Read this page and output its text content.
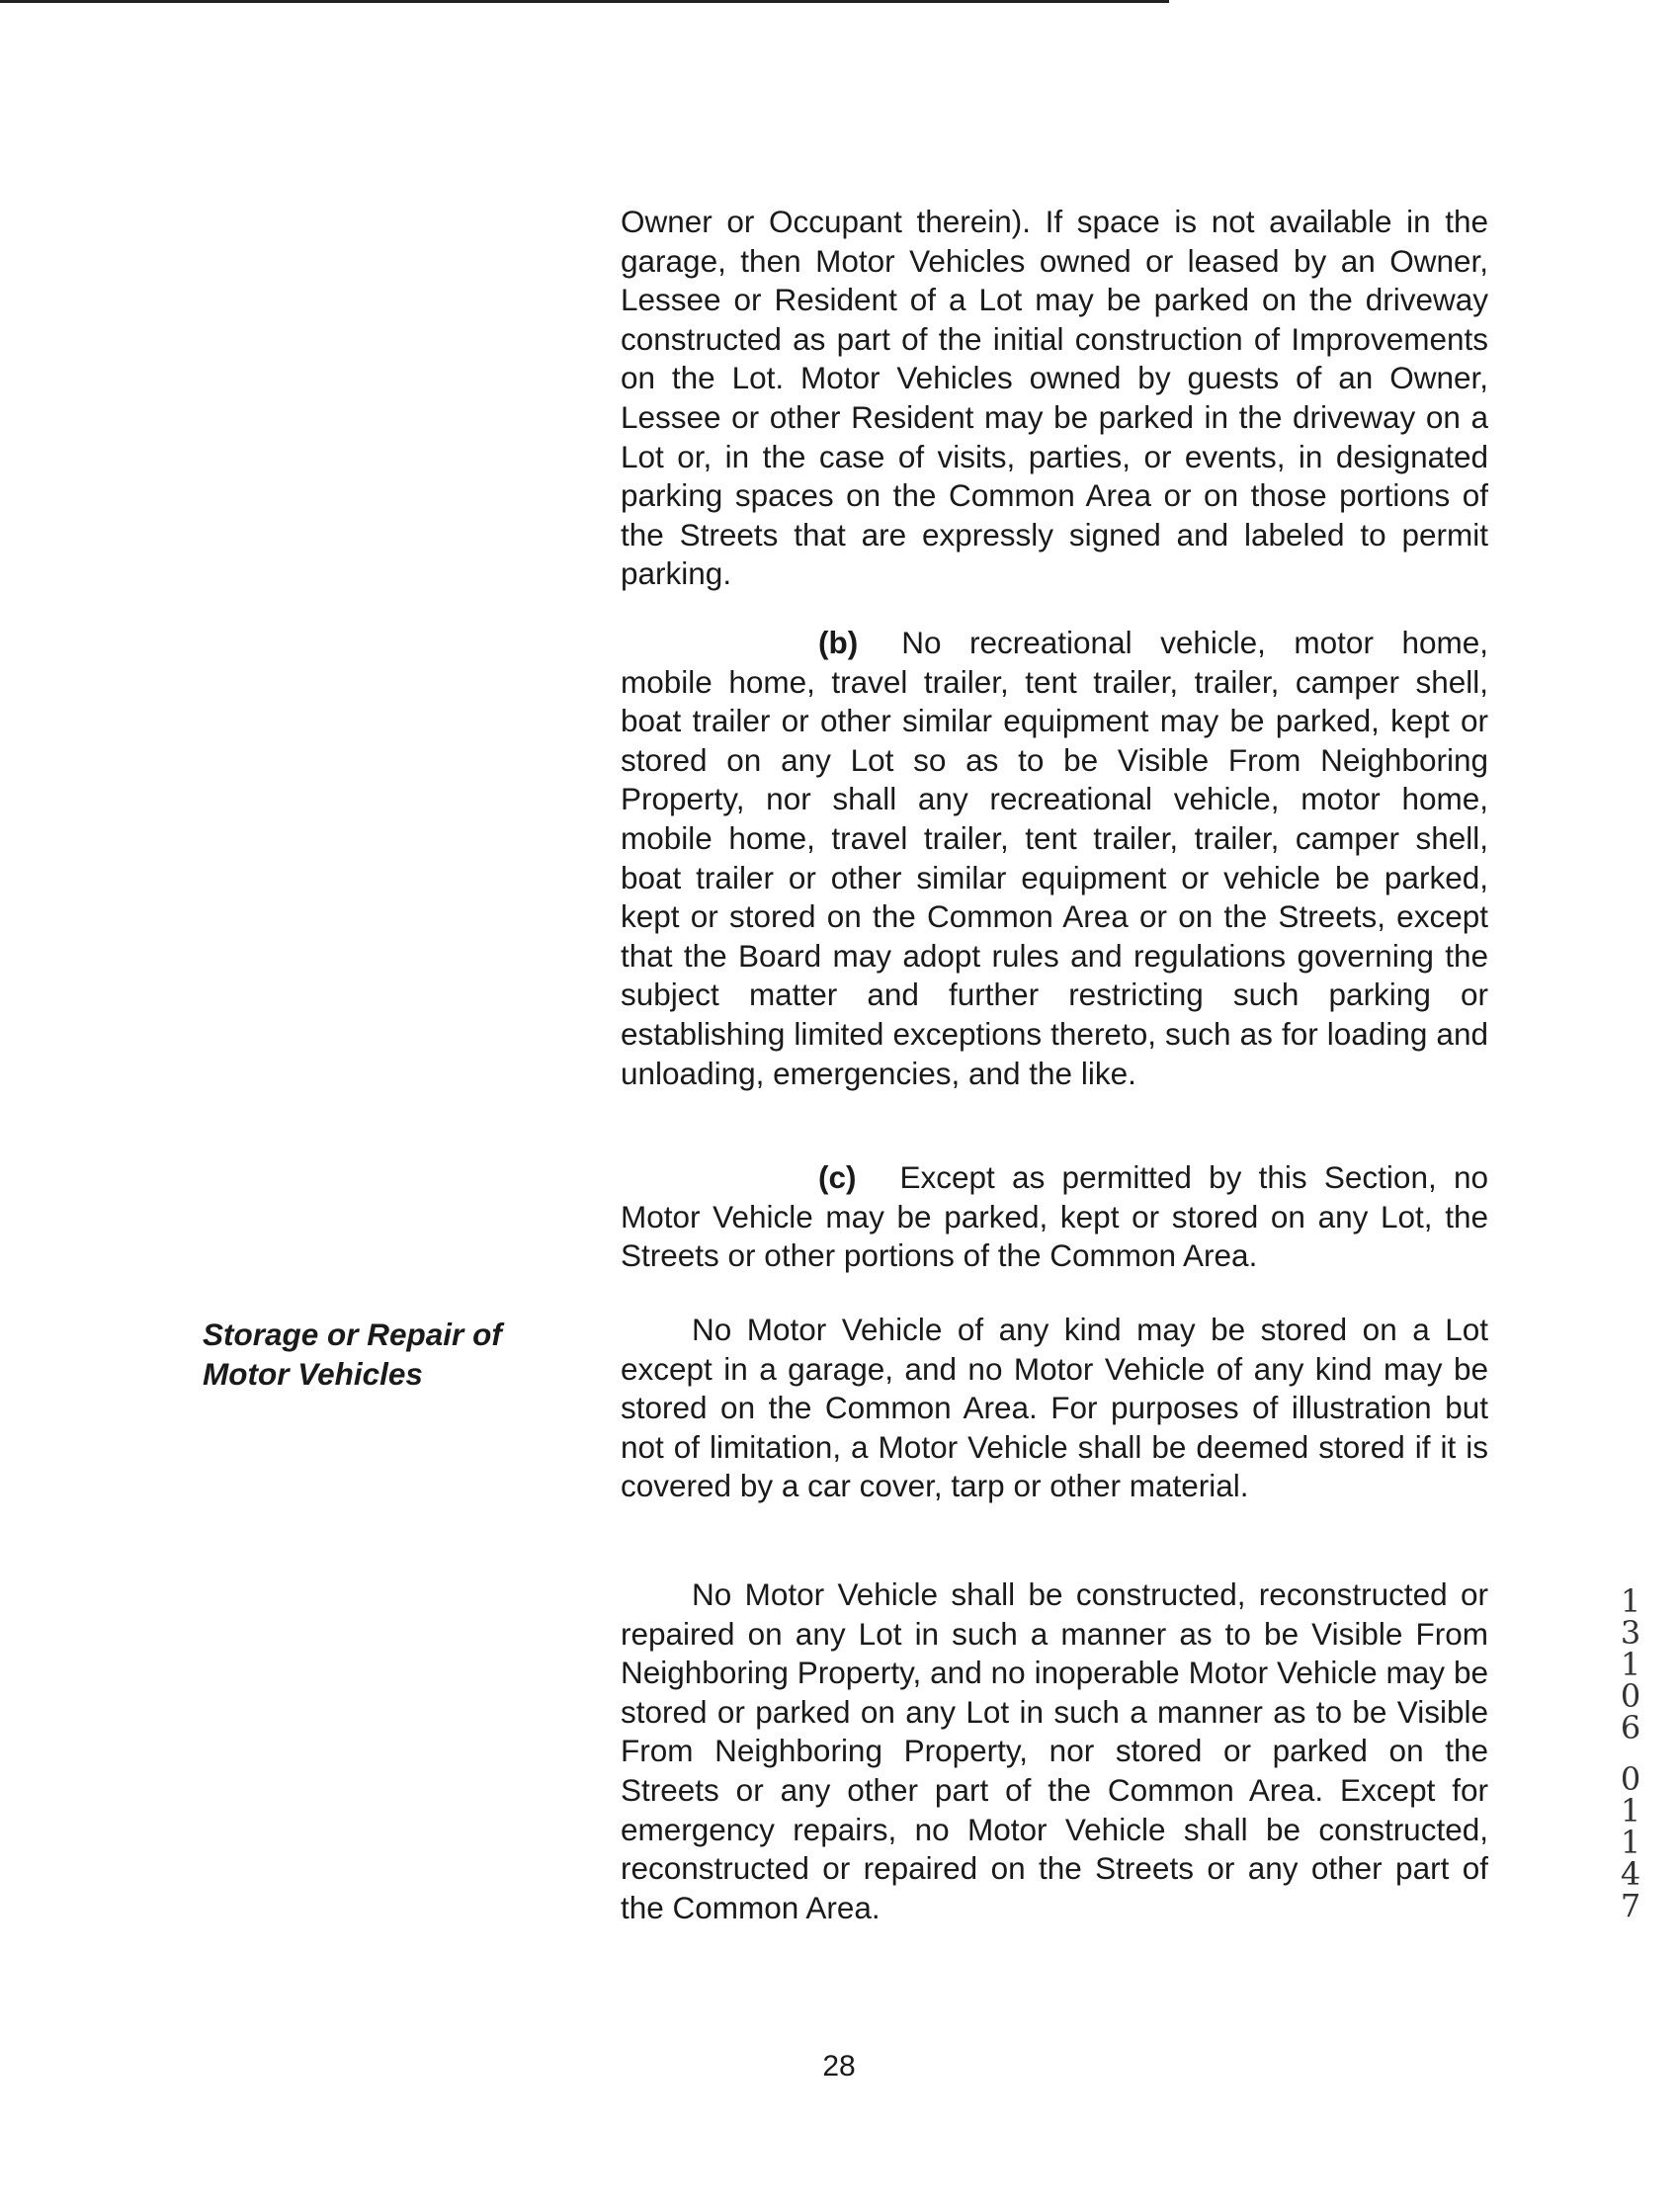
Owner or Occupant therein). If space is not available in the garage, then Motor Vehicles owned or leased by an Owner, Lessee or Resident of a Lot may be parked on the driveway constructed as part of the initial construction of Improvements on the Lot. Motor Vehicles owned by guests of an Owner, Lessee or other Resident may be parked in the driveway on a Lot or, in the case of visits, parties, or events, in designated parking spaces on the Common Area or on those portions of the Streets that are expressly signed and labeled to permit parking.

(b) No recreational vehicle, motor home, mobile home, travel trailer, tent trailer, trailer, camper shell, boat trailer or other similar equipment may be parked, kept or stored on any Lot so as to be Visible From Neighboring Property, nor shall any recreational vehicle, motor home, mobile home, travel trailer, tent trailer, trailer, camper shell, boat trailer or other similar equipment or vehicle be parked, kept or stored on the Common Area or on the Streets, except that the Board may adopt rules and regulations governing the subject matter and further restricting such parking or establishing limited exceptions thereto, such as for loading and unloading, emergencies, and the like.

(c) Except as permitted by this Section, no Motor Vehicle may be parked, kept or stored on any Lot, the Streets or other portions of the Common Area.

Storage or Repair of
Motor Vehicles

No Motor Vehicle of any kind may be stored on a Lot except in a garage, and no Motor Vehicle of any kind may be stored on the Common Area. For purposes of illustration but not of limitation, a Motor Vehicle shall be deemed stored if it is covered by a car cover, tarp or other material.

No Motor Vehicle shall be constructed, reconstructed or repaired on any Lot in such a manner as to be Visible From Neighboring Property, and no inoperable Motor Vehicle may be stored or parked on any Lot in such a manner as to be Visible From Neighboring Property, nor stored or parked on the Streets or any other part of the Common Area. Except for emergency repairs, no Motor Vehicle shall be constructed, reconstructed or repaired on the Streets or any other part of the Common Area.

1
3
1
0
6
0
1
1
4
7

28
